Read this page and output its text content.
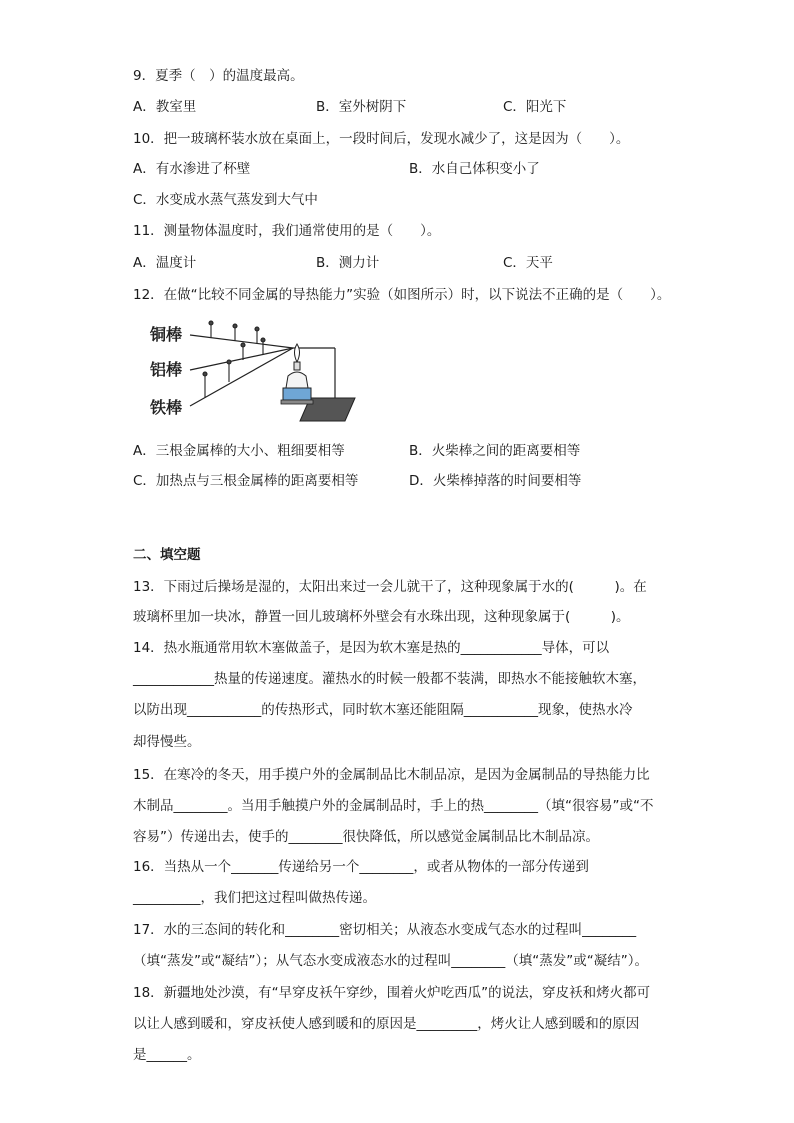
9．夏季（　）的温度最高。
A．教室里	B．室外树阴下	C．阳光下
10．把一玻璃杯装水放在桌面上，一段时间后，发现水减少了，这是因为（　　）。
A．有水渗进了杯壁	B．水自己体积变小了
C．水变成水蒸气蒸发到大气中
11．测量物体温度时，我们通常使用的是（　　）。
A．温度计	B．测力计	C．天平
12．在做“比较不同金属的导热能力”实验（如图所示）时，以下说法不正确的是（　　）。
铜棒
铝棒
铁棒
A．三根金属棒的大小、粗细要相等	B．火柴棒之间的距离要相等
C．加热点与三根金属棒的距离要相等	D．火柴棒掉落的时间要相等
二、填空题
13．下雨过后操场是湿的，太阳出来过一会儿就干了，这种现象属于水的(　　　)。在
玻璃杯里加一块冰，静置一回儿玻璃杯外壁会有水珠出现，这种现象属于(　　　)。
14．热水瓶通常用软木塞做盖子，是因为软木塞是热的____________导体，可以
____________热量的传递速度。灌热水的时候一般都不装满，即热水不能接触软木塞，
以防出现___________的传热形式，同时软木塞还能阻隔___________现象，使热水冷
却得慢些。
15．在寒冷的冬天，用手摸户外的金属制品比木制品凉，是因为金属制品的导热能力比
木制品________。当用手触摸户外的金属制品时，手上的热________（填“很容易”或“不
容易”）传递出去，使手的________很快降低，所以感觉金属制品比木制品凉。
16．当热从一个_______传递给另一个________，或者从物体的一部分传递到
__________，我们把这过程叫做热传递。
17．水的三态间的转化和________密切相关；从液态水变成气态水的过程叫________
（填“蒸发”或“凝结”）；从气态水变成液态水的过程叫________（填“蒸发”或“凝结”）。
18．新疆地处沙漠，有“早穿皮袄午穿纱，围着火炉吃西瓜”的说法，穿皮袄和烤火都可
以让人感到暖和，穿皮袄使人感到暖和的原因是_________，烤火让人感到暖和的原因
是______。
